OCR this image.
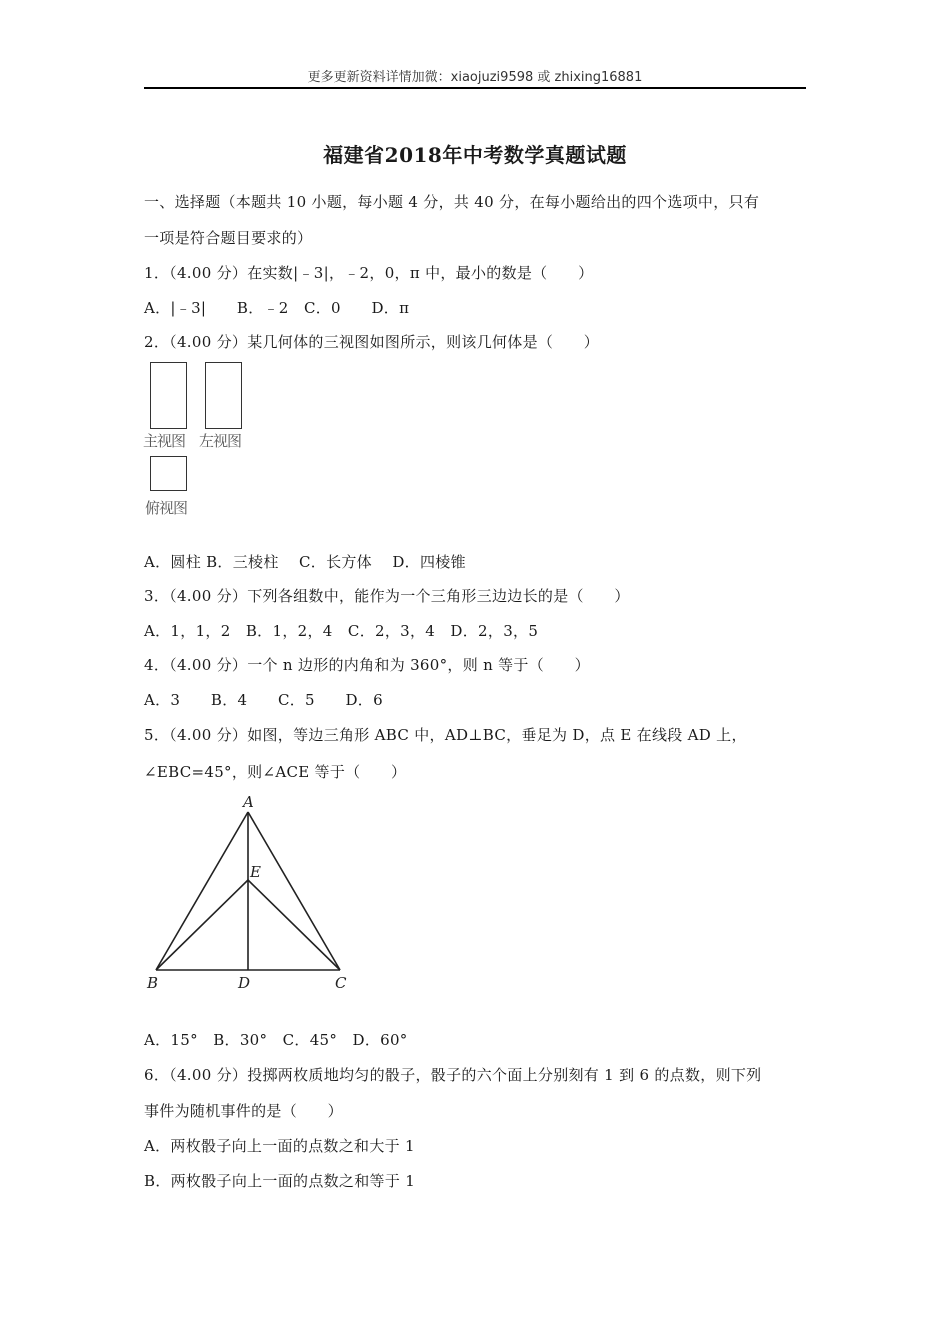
更多更新资料详情加微：xiaojuzi9598 或 zhixing16881
福建省2018年中考数学真题试题
一、选择题（本题共 10 小题，每小题 4 分，共 40 分，在每小题给出的四个选项中，只有
一项是符合题目要求的）
1．（4.00 分）在实数|﹣3|，﹣2，0，π 中，最小的数是（　　）
A．|﹣3|　　B．﹣2　C．0　　D．π
2．（4.00 分）某几何体的三视图如图所示，则该几何体是（　　）
主视图 左视图
俯视图
A．圆柱 B．三棱柱　 C．长方体　 D．四棱锥
3．（4.00 分）下列各组数中，能作为一个三角形三边边长的是（　　）
A．1，1，2　B．1，2，4　C．2，3，4　D．2，3，5
4．（4.00 分）一个 n 边形的内角和为 360°，则 n 等于（　　）
A．3　　B．4　　C．5　　D．6
5．（4.00 分）如图，等边三角形 ABC 中，AD⊥BC，垂足为 D，点 E 在线段 AD 上，
∠EBC=45°，则∠ACE 等于（　　）
A
B	C
D
E
A．15°　B．30°　C．45°　D．60°
6．（4.00 分）投掷两枚质地均匀的骰子，骰子的六个面上分别刻有 1 到 6 的点数，则下列
事件为随机事件的是（　　）
A．两枚骰子向上一面的点数之和大于 1
B．两枚骰子向上一面的点数之和等于 1
